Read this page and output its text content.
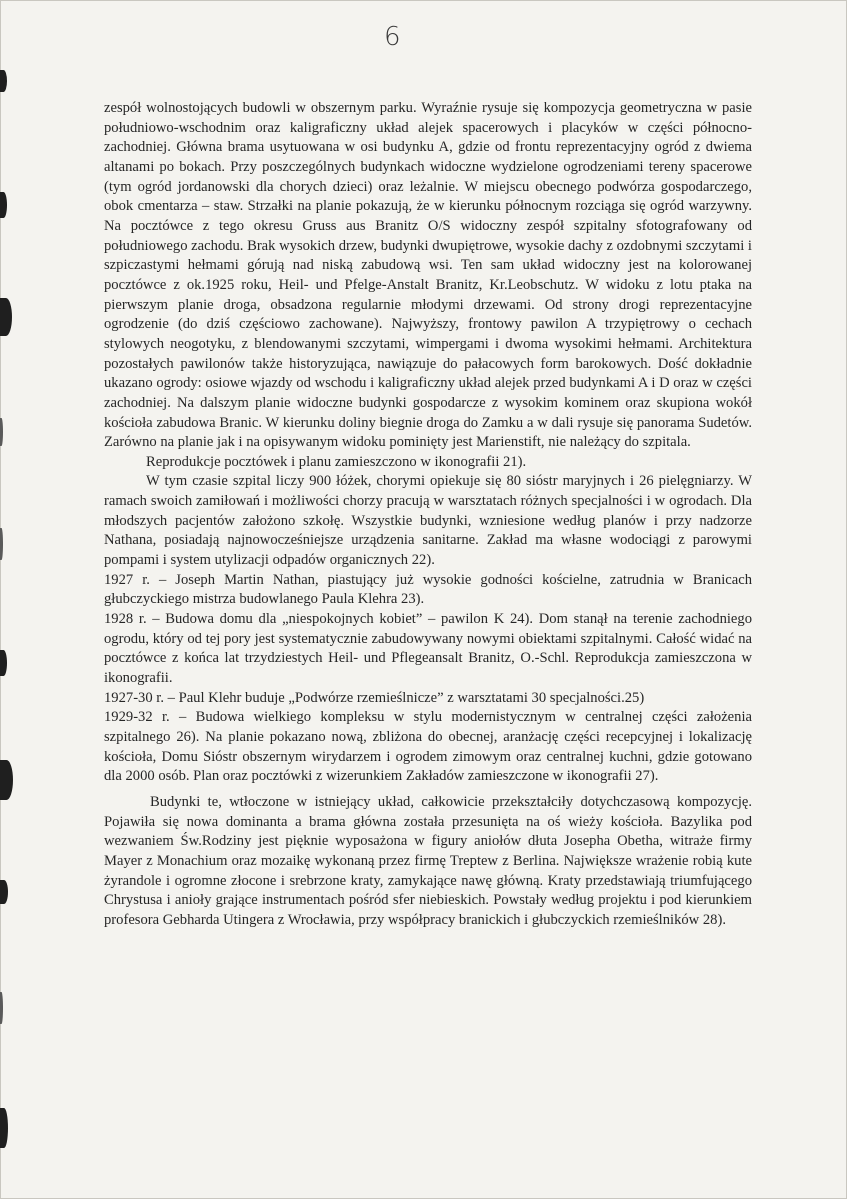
6

zespół wolnostojących budowli w obszernym parku. Wyraźnie rysuje się kompozycja geometryczna w pasie południowo-wschodnim oraz kaligraficzny układ alejek spacerowych i placyków w części północno-zachodniej. Główna brama usytuowana w osi budynku A, gdzie od frontu reprezentacyjny ogród z dwiema altanami po bokach. Przy poszczególnych budynkach widoczne wydzielone ogrodzeniami tereny spacerowe (tym ogród jordanowski dla chorych dzieci) oraz leżalnie. W miejscu obecnego podwórza gospodarczego, obok cmentarza – staw. Strzałki na planie pokazują, że w kierunku północnym rozciąga się ogród warzywny. Na pocztówce z tego okresu Gruss aus Branitz O/S widoczny zespół szpitalny sfotografowany od południowego zachodu. Brak wysokich drzew, budynki dwupiętrowe, wysokie dachy z ozdobnymi szczytami i szpiczastymi hełmami górują nad niską zabudową wsi. Ten sam układ widoczny jest na kolorowanej pocztówce z ok.1925 roku, Heil- und Pfelge-Anstalt Branitz, Kr.Leobschutz. W widoku z lotu ptaka na pierwszym planie droga, obsadzona regularnie młodymi drzewami. Od strony drogi reprezentacyjne ogrodzenie (do dziś częściowo zachowane). Najwyższy, frontowy pawilon A trzypiętrowy o cechach stylowych neogotyku, z blendowanymi szczytami, wimpergami i dwoma wysokimi hełmami. Architektura pozostałych pawilonów także historyzująca, nawiązuje do pałacowych form barokowych. Dość dokładnie ukazano ogrody: osiowe wjazdy od wschodu i kaligraficzny układ alejek przed budynkami A i D oraz w części zachodniej. Na dalszym planie widoczne budynki gospodarcze z wysokim kominem oraz skupiona wokół kościoła zabudowa Branic. W kierunku doliny biegnie droga do Zamku a w dali rysuje się panorama Sudetów. Zarówno na planie jak i na opisywanym widoku pominięty jest Marienstift, nie należący do szpitala.

Reprodukcje pocztówek i planu zamieszczono w ikonografii 21).

W tym czasie szpital liczy 900 łóżek, chorymi opiekuje się 80 sióstr maryjnych i 26 pielęgniarzy. W ramach swoich zamiłowań i możliwości chorzy pracują w warsztatach różnych specjalności i w ogrodach. Dla młodszych pacjentów założono szkołę. Wszystkie budynki, wzniesione według planów i przy nadzorze Nathana, posiadają najnowocześniejsze urządzenia sanitarne. Zakład ma własne wodociągi z parowymi pompami i system utylizacji odpadów organicznych 22).

1927 r. – Joseph Martin Nathan, piastujący już wysokie godności kościelne, zatrudnia w Branicach głubczyckiego mistrza budowlanego Paula Klehra 23).

1928 r. – Budowa domu dla „niespokojnych kobiet” – pawilon K 24). Dom stanął na terenie zachodniego ogrodu, który od tej pory jest systematycznie zabudowywany nowymi obiektami szpitalnymi. Całość widać na pocztówce z końca lat trzydziestych Heil- und Pflegeansalt Branitz, O.-Schl. Reprodukcja zamieszczona w ikonografii.

1927-30 r. – Paul Klehr buduje „Podwórze rzemieślnicze” z warsztatami 30 specjalności.25)

1929-32 r. – Budowa wielkiego kompleksu w stylu modernistycznym w centralnej części założenia szpitalnego 26). Na planie pokazano nową, zbliżona do obecnej, aranżację części recepcyjnej i lokalizację kościoła, Domu Sióstr obszernym wirydarzem i ogrodem zimowym oraz centralnej kuchni, gdzie gotowano dla 2000 osób. Plan oraz pocztówki z wizerunkiem Zakładów zamieszczone w ikonografii 27).

Budynki te, wtłoczone w istniejący układ, całkowicie przekształciły dotychczasową kompozycję. Pojawiła się nowa dominanta a brama główna została przesunięta na oś wieży kościoła. Bazylika pod wezwaniem Św.Rodziny jest pięknie wyposażona w figury aniołów dłuta Josepha Obetha, witraże firmy Mayer z Monachium oraz mozaikę wykonaną przez firmę Treptew z Berlina. Największe wrażenie robią kute żyrandole i ogromne złocone i srebrzone kraty, zamykające nawę główną. Kraty przedstawiają triumfującego Chrystusa i anioły grające instrumentach pośród sfer niebieskich. Powstały według projektu i pod kierunkiem profesora Gebharda Utingera z Wrocławia, przy współpracy branickich i głubczyckich rzemieślników 28).
